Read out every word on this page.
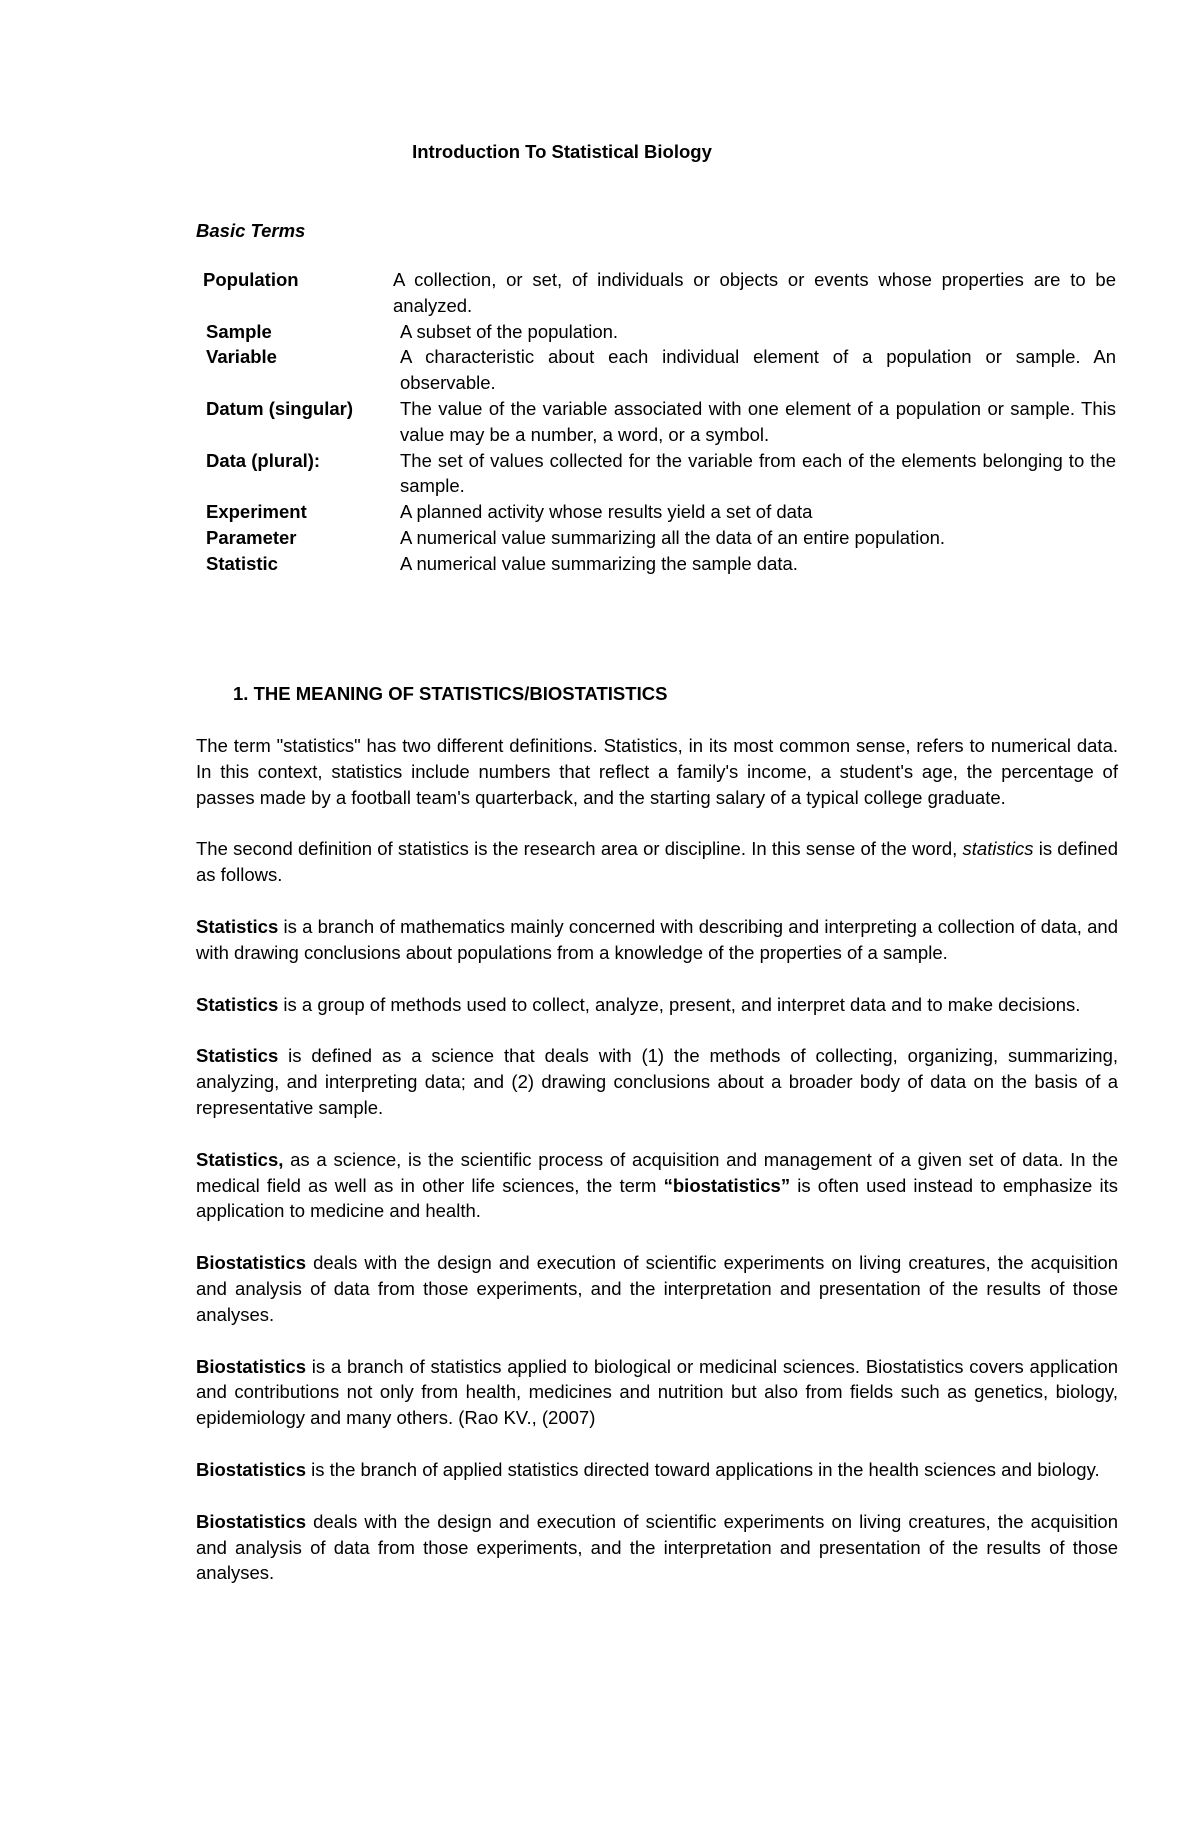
Introduction To Statistical Biology
Basic Terms
Population	A collection, or set, of individuals or objects or events whose properties are to be analyzed.
Sample	A subset of the population.
Variable	A characteristic about each individual element of a population or sample. An observable.
Datum (singular)	The value of the variable associated with one element of a population or sample. This value may be a number, a word, or a symbol.
Data (plural):	The set of values collected for the variable from each of the elements belonging to the sample.
Experiment	A planned activity whose results yield a set of data
Parameter	A numerical value summarizing all the data of an entire population.
Statistic	A numerical value summarizing the sample data.
1. THE MEANING OF STATISTICS/BIOSTATISTICS

The term "statistics" has two different definitions. Statistics, in its most common sense, refers to numerical data. In this context, statistics include numbers that reflect a family's income, a student's age, the percentage of passes made by a football team's quarterback, and the starting salary of a typical college graduate.

The second definition of statistics is the research area or discipline. In this sense of the word, statistics is defined as follows.

Statistics is a branch of mathematics mainly concerned with describing and interpreting a collection of data, and with drawing conclusions about populations from a knowledge of the properties of a sample.

Statistics is a group of methods used to collect, analyze, present, and interpret data and to make decisions.

Statistics is defined as a science that deals with (1) the methods of collecting, organizing, summarizing, analyzing, and interpreting data; and (2) drawing conclusions about a broader body of data on the basis of a representative sample.

Statistics, as a science, is the scientific process of acquisition and management of a given set of data. In the medical field as well as in other life sciences, the term “biostatistics” is often used instead to emphasize its application to medicine and health.

Biostatistics deals with the design and execution of scientific experiments on living creatures, the acquisition and analysis of data from those experiments, and the interpretation and presentation of the results of those analyses.

Biostatistics is a branch of statistics applied to biological or medicinal sciences. Biostatistics covers application and contributions not only from health, medicines and nutrition but also from fields such as genetics, biology, epidemiology and many others. (Rao KV., (2007)

Biostatistics is the branch of applied statistics directed toward applications in the health sciences and biology.

Biostatistics deals with the design and execution of scientific experiments on living creatures, the acquisition and analysis of data from those experiments, and the interpretation and presentation of the results of those analyses.
